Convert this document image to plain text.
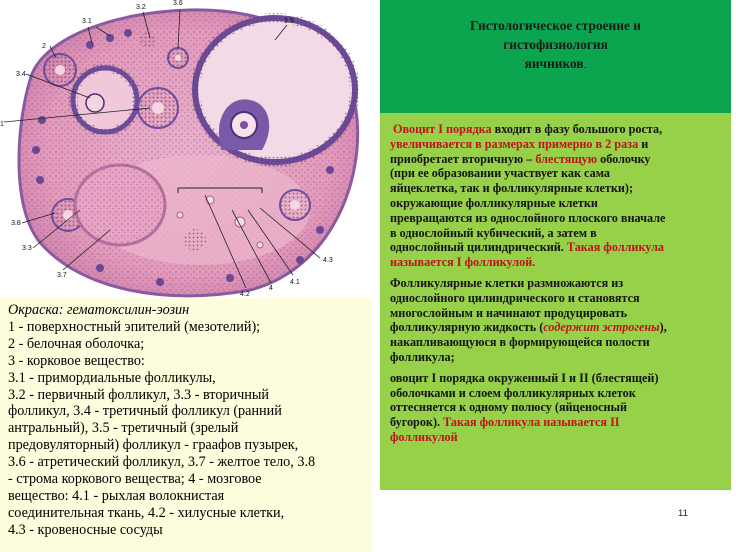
3.2
3.6
3.1	3.5
2
3.4
1
3.8
3.3
3.7
4.2
4
4.1
4.3
Окраска: гематоксилин-эозин
1 - поверхностный эпителий (мезотелий);
2 - белочная оболочка;
3 - корковое вещество:
3.1 - примордиальные фолликулы,
3.2 - первичный фолликул, 3.3 - вторичный
фолликул, 3.4 - третичный фолликул (ранний
антральный), 3.5 - третичный (зрелый
предовуляторный) фолликул - граафов пузырек,
3.6 - атретический фолликул, 3.7 - желтое тело, 3.8
- строма коркового вещества; 4 - мозговое
вещество: 4.1 - рыхлая волокнистая
соединительная ткань, 4.2 - хилусные клетки,
4.3 - кровеносные сосуды
Гистологическое строение и
гистофизиология
яичников.
Овоцит I порядка входит в фазу большого роста,
увеличивается в размерах примерно в 2 раза и
приобретает вторичную – блестящую оболочку
(при ее образовании участвует как сама
яйцеклетка, так и фолликулярные клетки);
окружающие фолликулярные клетки
превращаются из однослойного плоского вначале
в однослойный кубический, а затем в
однослойный цилиндрический. Такая фолликула
называется I фолликулой.
Фолликулярные клетки размножаются из
однослойного цилиндрического и становятся
многослойным и начинают продуцировать
фолликулярную жидкость (содержит эстрогены),
накапливающуюся в формирующейся полости
фолликула;
овоцит I порядка окруженный I и II (блестящей)
оболочками и слоем фолликулярных клеток
оттесняется к одному полюсу (яйценосный
бугорок). Такая фолликула называется II
фолликулой
11
